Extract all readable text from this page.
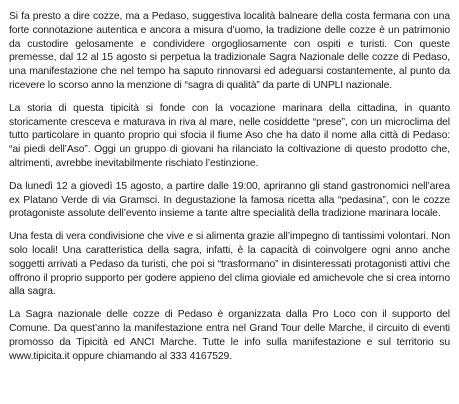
Si fa presto a dire cozze, ma a Pedaso, suggestiva località balneare della costa fermana con una forte connotazione autentica e ancora a misura d’uomo, la tradizione delle cozze è un patrimonio da custodire gelosamente e condividere orgogliosamente con ospiti e turisti. Con queste premesse, dal 12 al 15 agosto si perpetua la tradizionale Sagra Nazionale delle cozze di Pedaso, una manifestazione che nel tempo ha saputo rinnovarsi ed adeguarsi costantemente, al punto da ricevere lo scorso anno la menzione di “sagra di qualità” da parte di UNPLI nazionale.

La storia di questa tipicità si fonde con la vocazione marinara della cittadina, in quanto storicamente cresceva e maturava in riva al mare, nelle cosiddette “prese”, con un microclima del tutto particolare in quanto proprio qui sfocia il fiume Aso che ha dato il nome alla città di Pedaso: “ai piedi dell’Aso”. Oggi un gruppo di giovani ha rilanciato la coltivazione di questo prodotto che, altrimenti, avrebbe inevitabilmente rischiato l’estinzione.

Da lunedì 12 a giovedì 15 agosto, a partire dalle 19:00, apriranno gli stand gastronomici nell’area ex Platano Verde di via Gramsci. In degustazione la famosa ricetta alla “pedasina”, con le cozze protagoniste assolute dell’evento insieme a tante altre specialità della tradizione marinara locale.

Una festa di vera condivisione che vive e si alimenta grazie all’impegno di tantissimi volontari. Non solo locali! Una caratteristica della sagra, infatti, è la capacità di coinvolgere ogni anno anche soggetti arrivati a Pedaso da turisti, che poi si “trasformano” in disinteressati protagonisti attivi che offrono il proprio supporto per godere appieno del clima gioviale ed amichevole che si crea intorno alla sagra.

La Sagra nazionale delle cozze di Pedaso è organizzata dalla Pro Loco con il supporto del Comune. Da quest’anno la manifestazione entra nel Grand Tour delle Marche, il circuito di eventi promosso da Tipicità ed ANCI Marche. Tutte le info sulla manifestazione e sul territorio su www.tipicita.it oppure chiamando al 333 4167529.
